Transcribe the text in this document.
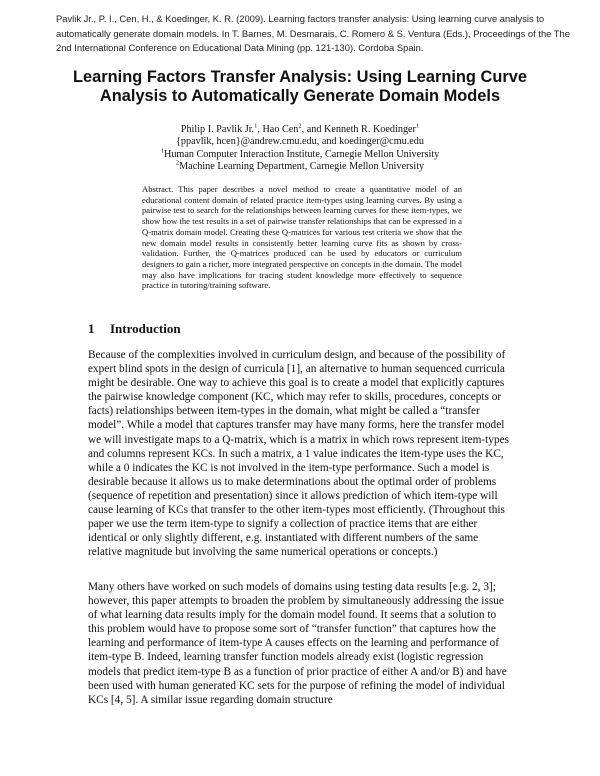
Pavlik Jr., P. I., Cen, H., & Koedinger, K. R. (2009). Learning factors transfer analysis: Using learning curve analysis to automatically generate domain models. In T. Barnes, M. Desmarais, C. Romero & S. Ventura (Eds.), Proceedings of the The 2nd International Conference on Educational Data Mining (pp. 121-130). Cordoba Spain.
Learning Factors Transfer Analysis: Using Learning Curve Analysis to Automatically Generate Domain Models
Philip I. Pavlik Jr.$^1$, Hao Cen$^2$, and Kenneth R. Koedinger$^1$
{ppavlik, hcen}@andrew.cmu.edu, and koedinger@cmu.edu
$^1$Human Computer Interaction Institute, Carnegie Mellon University
$^2$Machine Learning Department, Carnegie Mellon University

Abstract. This paper describes a novel method to create a quantitative model of an educational content domain of related practice item-types using learning curves. By using a pairwise test to search for the relationships between learning curves for these item-types, we show how the test results in a set of pairwise transfer relationships that can be expressed in a Q-matrix domain model. Creating these Q-matrices for various test criteria we show that the new domain model results in consistently better learning curve fits as shown by cross-validation. Further, the Q-matrices produced can be used by educators or curriculum designers to gain a richer, more integrated perspective on concepts in the domain. The model may also have implications for tracing student knowledge more effectively to sequence practice in tutoring/training software.

1 Introduction

Because of the complexities involved in curriculum design, and because of the possibility of expert blind spots in the design of curricula [1], an alternative to human sequenced curricula might be desirable. One way to achieve this goal is to create a model that explicitly captures the pairwise knowledge component (KC, which may refer to skills, procedures, concepts or facts) relationships between item-types in the domain, what might be called a “transfer model”. While a model that captures transfer may have many forms, here the transfer model we will investigate maps to a Q-matrix, which is a matrix in which rows represent item-types and columns represent KCs. In such a matrix, a 1 value indicates the item-type uses the KC, while a 0 indicates the KC is not involved in the item-type performance. Such a model is desirable because it allows us to make determinations about the optimal order of problems (sequence of repetition and presentation) since it allows prediction of which item-type will cause learning of KCs that transfer to the other item-types most efficiently. (Throughout this paper we use the term item-type to signify a collection of practice items that are either identical or only slightly different, e.g. instantiated with different numbers of the same relative magnitude but involving the same numerical operations or concepts.)

Many others have worked on such models of domains using testing data results [e.g. 2, 3]; however, this paper attempts to broaden the problem by simultaneously addressing the issue of what learning data results imply for the domain model found. It seems that a solution to this problem would have to propose some sort of “transfer function” that captures how the learning and performance of item-type A causes effects on the learning and performance of item-type B. Indeed, learning transfer function models already exist (logistic regression models that predict item-type B as a function of prior practice of either A and/or B) and have been used with human generated KC sets for the purpose of refining the model of individual KCs [4, 5]. A similar issue regarding domain structure
